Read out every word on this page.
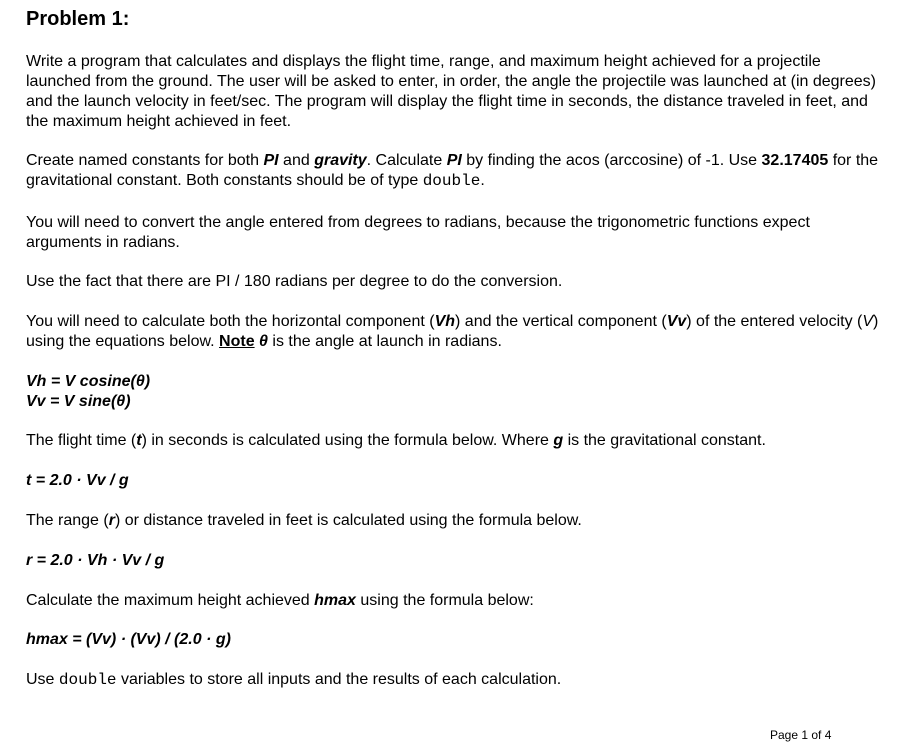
Problem 1:

Write a program that calculates and displays the flight time, range, and maximum height achieved for a projectile launched from the ground. The user will be asked to enter, in order, the angle the projectile was launched at (in degrees) and the launch velocity in feet/sec. The program will display the flight time in seconds, the distance traveled in feet, and the maximum height achieved in feet.

Create named constants for both PI and gravity. Calculate PI by finding the acos (arccosine) of -1. Use 32.17405 for the gravitational constant. Both constants should be of type double.

You will need to convert the angle entered from degrees to radians, because the trigonometric functions expect arguments in radians.

Use the fact that there are PI / 180 radians per degree to do the conversion.

You will need to calculate both the horizontal component (Vh) and the vertical component (Vv) of the entered velocity (V) using the equations below. Note θ is the angle at launch in radians.

Vh = V cosine(θ)

Vv = V sine(θ)

The flight time (t) in seconds is calculated using the formula below. Where g is the gravitational constant.

t = 2.0 · Vv / g

The range (r) or distance traveled in feet is calculated using the formula below.

r = 2.0 · Vh · Vv / g

Calculate the maximum height achieved hmax using the formula below:

hmax = (Vv) · (Vv) / (2.0 · g)

Use double variables to store all inputs and the results of each calculation.

Page 1 of 4
